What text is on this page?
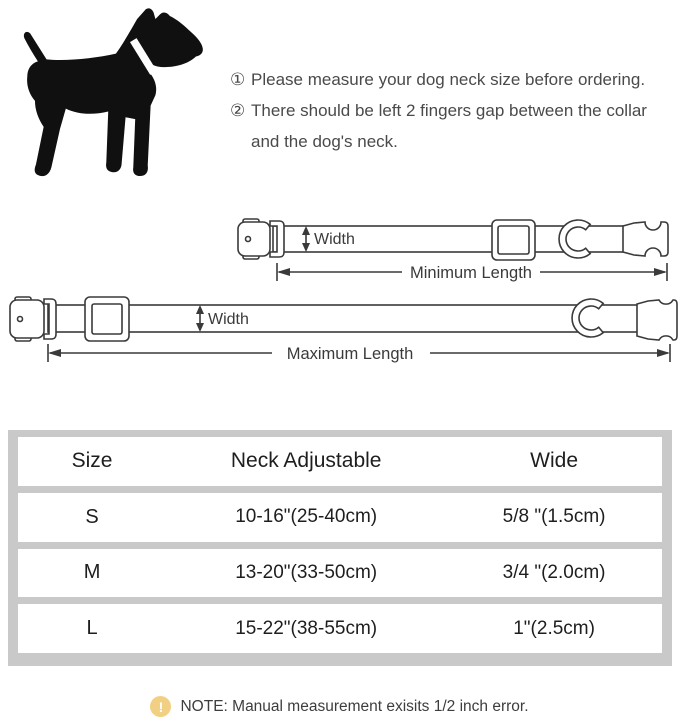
① Please measure your dog neck size before ordering.
② There should be left 2 fingers gap between the collar and the dog's neck.
Width
Minimum Length
Width
Maximum Length
Size	Neck Adjustable	Wide
S	10-16"(25-40cm)	5/8 "(1.5cm)
M	13-20"(33-50cm)	3/4 "(2.0cm)
L	15-22"(38-55cm)	1"(2.5cm)
!	NOTE: Manual measurement exisits 1/2 inch error.
